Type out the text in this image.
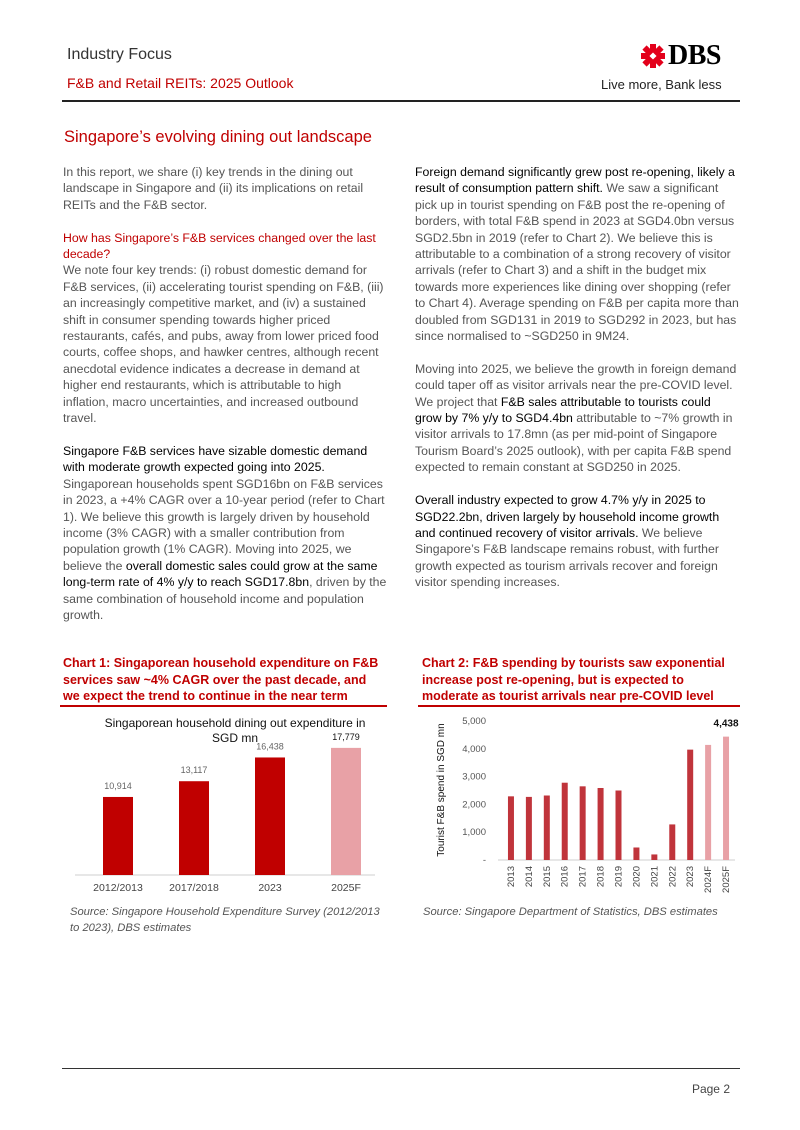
Industry Focus
F&B and Retail REITs: 2025 Outlook
DBS
Live more, Bank less
Singapore’s evolving dining out landscape

In this report, we share (i) key trends in the dining out landscape in Singapore and (ii) its implications on retail REITs and the F&B sector.

How has Singapore’s F&B services changed over the last decade?
We note four key trends: (i) robust domestic demand for F&B services, (ii) accelerating tourist spending on F&B, (iii) an increasingly competitive market, and (iv) a sustained shift in consumer spending towards higher priced restaurants, cafés, and pubs, away from lower priced food courts, coffee shops, and hawker centres, although recent anecdotal evidence indicates a decrease in demand at higher end restaurants, which is attributable to high inflation, macro uncertainties, and increased outbound travel.

Singapore F&B services have sizable domestic demand with moderate growth expected going into 2025. Singaporean households spent SGD16bn on F&B services in 2023, a +4% CAGR over a 10-year period (refer to Chart 1). We believe this growth is largely driven by household income (3% CAGR) with a smaller contribution from population growth (1% CAGR). Moving into 2025, we believe the overall domestic sales could grow at the same long-term rate of 4% y/y to reach SGD17.8bn, driven by the same combination of household income and population growth.

Foreign demand significantly grew post re-opening, likely a result of consumption pattern shift. We saw a significant pick up in tourist spending on F&B post the re-opening of borders, with total F&B spend in 2023 at SGD4.0bn versus SGD2.5bn in 2019 (refer to Chart 2). We believe this is attributable to a combination of a strong recovery of visitor arrivals (refer to Chart 3) and a shift in the budget mix towards more experiences like dining over shopping (refer to Chart 4). Average spending on F&B per capita more than doubled from SGD131 in 2019 to SGD292 in 2023, but has since normalised to ~SGD250 in 9M24.

Moving into 2025, we believe the growth in foreign demand could taper off as visitor arrivals near the pre-COVID level. We project that F&B sales attributable to tourists could grow by 7% y/y to SGD4.4bn attributable to ~7% growth in visitor arrivals to 17.8mn (as per mid-point of Singapore Tourism Board’s 2025 outlook), with per capita F&B spend expected to remain constant at SGD250 in 2025.

Overall industry expected to grow 4.7% y/y in 2025 to SGD22.2bn, driven largely by household income growth and continued recovery of visitor arrivals. We believe Singapore’s F&B landscape remains robust, with further growth expected as tourism arrivals recover and foreign visitor spending increases.

Chart 1: Singaporean household expenditure on F&B services saw ~4% CAGR over the past decade, and we expect the trend to continue in the near term
Singaporean household dining out expenditure in SGD mn
10,914
2012/2013
13,117
2017/2018
16,438
2023
17,779
2025F
Source: Singapore Household Expenditure Survey (2012/2013 to 2023), DBS estimates
Chart 2: F&B spending by tourists saw exponential increase post re-opening, but is expected to moderate as tourist arrivals near pre-COVID level
-
1,000
2,000
3,000
4,000
5,000
Tourist F&B spend in SGD mn
2013 2014 2015 2016 2017 2018 2019 2020 2021 2022 2023 2024F 2025F
4,438
Source: Singapore Department of Statistics, DBS estimates
Page 2
